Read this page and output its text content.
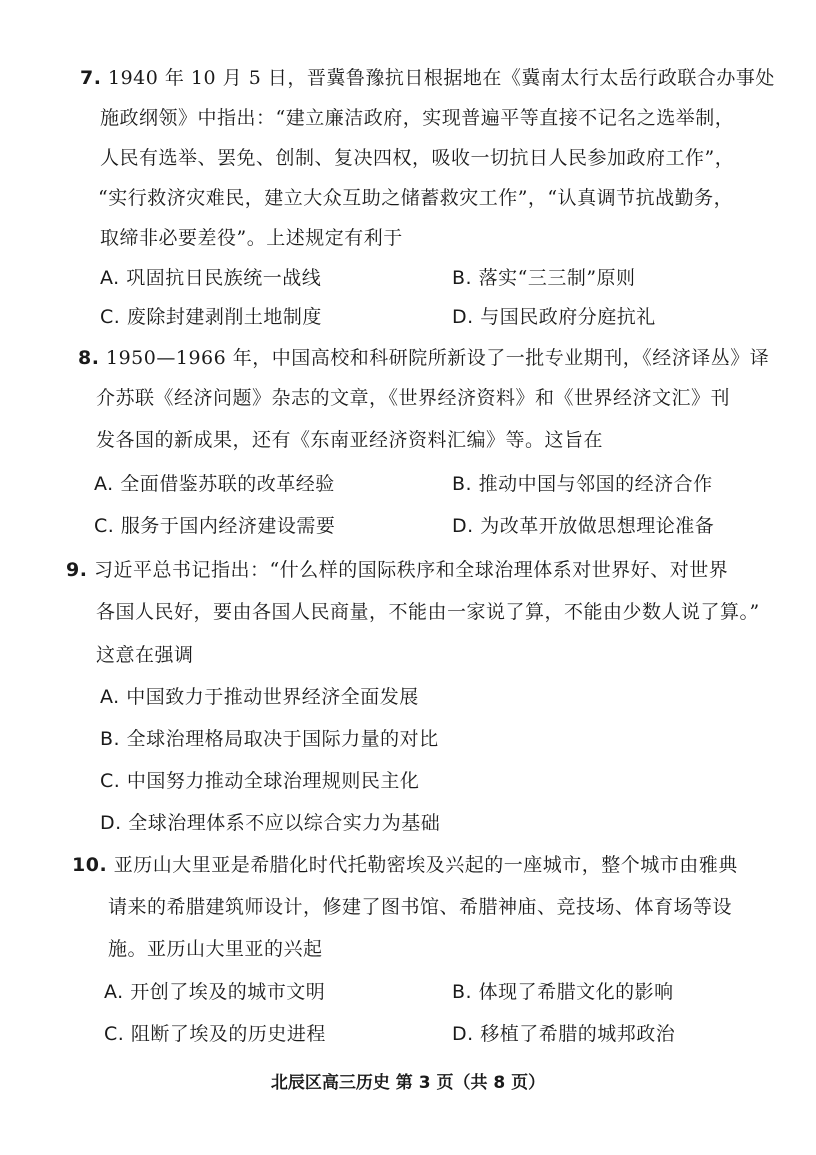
7. 1940 年 10 月 5 日，晋冀鲁豫抗日根据地在《冀南太行太岳行政联合办事处
施政纲领》中指出：“建立廉洁政府，实现普遍平等直接不记名之选举制，
人民有选举、罢免、创制、复决四权，吸收一切抗日人民参加政府工作”，
“实行救济灾难民，建立大众互助之储蓄救灾工作”，“认真调节抗战勤务，
取缔非必要差役”。上述规定有利于
A. 巩固抗日民族统一战线	B. 落实“三三制”原则
C. 废除封建剥削土地制度	D. 与国民政府分庭抗礼
8. 1950—1966 年，中国高校和科研院所新设了一批专业期刊，《经济译丛》译
介苏联《经济问题》杂志的文章，《世界经济资料》和《世界经济文汇》刊
发各国的新成果，还有《东南亚经济资料汇编》等。这旨在
A. 全面借鉴苏联的改革经验	B. 推动中国与邻国的经济合作
C. 服务于国内经济建设需要	D. 为改革开放做思想理论准备
9. 习近平总书记指出：“什么样的国际秩序和全球治理体系对世界好、对世界
各国人民好，要由各国人民商量，不能由一家说了算，不能由少数人说了算。”
这意在强调
A. 中国致力于推动世界经济全面发展
B. 全球治理格局取决于国际力量的对比
C. 中国努力推动全球治理规则民主化
D. 全球治理体系不应以综合实力为基础
10. 亚历山大里亚是希腊化时代托勒密埃及兴起的一座城市，整个城市由雅典
请来的希腊建筑师设计，修建了图书馆、希腊神庙、竞技场、体育场等设
施。亚历山大里亚的兴起
A. 开创了埃及的城市文明	B. 体现了希腊文化的影响
C. 阻断了埃及的历史进程	D. 移植了希腊的城邦政治
北辰区高三历史 第 3 页（共 8 页）
